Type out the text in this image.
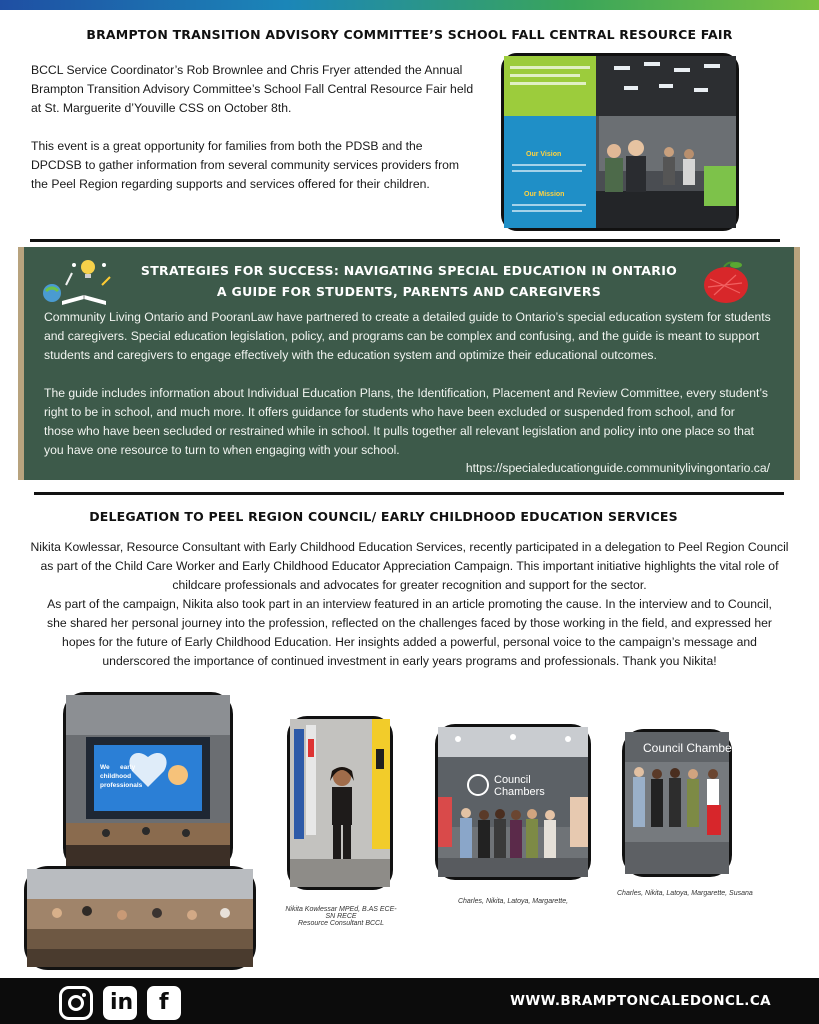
BRAMPTON TRANSITION ADVISORY COMMITTEE’S SCHOOL FALL CENTRAL RESOURCE FAIR
BCCL Service Coordinator’s Rob Brownlee and Chris Fryer attended the Annual
Brampton Transition Advisory Committee’s School Fall Central Resource Fair held
at St. Marguerite d’Youville CSS on October 8th.
This event is a great opportunity for families from both the PDSB and the
DPCDSB to gather information from several community services providers from
the Peel Region regarding supports and services offered for their children.
Our Vision
Our Mission
STRATEGIES FOR SUCCESS: NAVIGATING SPECIAL EDUCATION IN ONTARIO
A GUIDE FOR STUDENTS, PARENTS AND CAREGIVERS
Community Living Ontario and PooranLaw have partnered to create a detailed guide to Ontario’s special education system for students
and caregivers. Special education legislation, policy, and programs can be complex and confusing, and the guide is meant to support
students and caregivers to engage effectively with the education system and optimize their educational outcomes.
The guide includes information about Individual Education Plans, the Identification, Placement and Review Committee, every student’s
right to be in school, and much more. It offers guidance for students who have been excluded or suspended from school, and for
those who have been secluded or restrained while in school. It pulls together all relevant legislation and policy into one place so that
you have one resource to turn to when engaging with your school.
https://specialeducationguide.communitylivingontario.ca/
DELEGATION TO PEEL REGION COUNCIL/ EARLY CHILDHOOD EDUCATION SERVICES
Nikita Kowlessar, Resource Consultant with Early Childhood Education Services, recently participated in a delegation to Peel Region Council
as part of the Child Care Worker and Early Childhood Educator Appreciation Campaign. This important initiative highlights the vital role of
childcare professionals and advocates for greater recognition and support for the sector.
As part of the campaign, Nikita also took part in an interview featured in an article promoting the cause. In the interview and to Council,
she shared her personal journey into the profession, reflected on the challenges faced by those working in the field, and expressed her
hopes for the future of Early Childhood Education. Her insights added a powerful, personal voice to the campaign’s message and
underscored the importance of continued investment in early years programs and professionals. Thank you Nikita!
We early
childhood
professionals
Nikita Kowlessar MPEd, B.AS ECE-SN RECE
Resource Consultant BCCL
Council
Chambers
Charles, Nikita, Latoya, Margarette,
Council Chambers
Charles, Nikita, Latoya, Margarette, Susana
in f	WWW.BRAMPTONCALEDONCL.CA
